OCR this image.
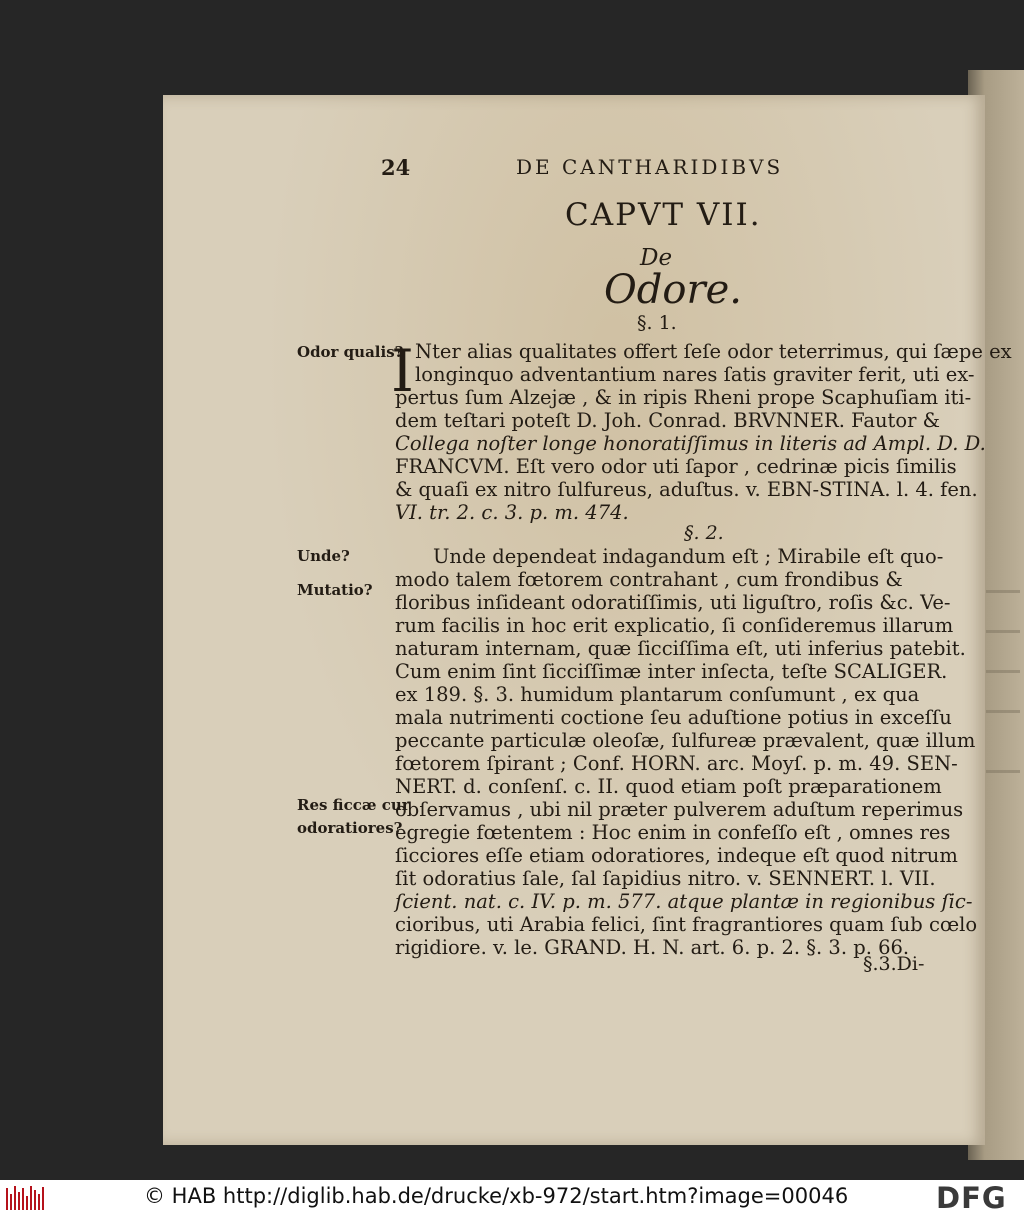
24	DE CANTHARIDIBVS
CAPVT VII.
De
Odore.
§. 1.
§. 2.
Odor qualis?
Unde?
Mutatio?
Res ficcæ cur
odoratiores?
I Nter alias qualitates offert ſeſe odor teterrimus, qui ſæpe ex
longinquo adventantium nares ſatis graviter ferit, uti ex-
pertus ſum Alzejæ , & in ripis Rheni prope Scaphuſiam iti-
dem teſtari poteſt D. Joh. Conrad. BRVNNER. Fautor &
Collega noſter longe honoratiſſimus in literis ad Ampl. D. D.
FRANCVM. Eſt vero odor uti ſapor , cedrinæ picis ſimilis
& quaſi ex nitro ſulfureus, aduſtus. v. EBN-STINA. l. 4. fen.
VI. tr. 2. c. 3. p. m. 474.
Unde dependeat indagandum eſt ; Mirabile eſt quo-
modo talem fœtorem contrahant , cum frondibus &
floribus inſideant odoratiſſimis, uti liguſtro, roſis &c. Ve-
rum facilis in hoc erit explicatio, ſi conſideremus illarum
naturam internam, quæ ſicciſſima eſt, uti inferius patebit.
Cum enim ſint ſicciſſimæ inter inſecta, teſte SCALIGER.
ex 189. §. 3. humidum plantarum conſumunt , ex qua
mala nutrimenti coctione ſeu aduſtione potius in exceſſu
peccante particulæ oleoſæ, ſulfureæ prævalent, quæ illum
fœtorem ſpirant ; Conf. HORN. arc. Moyſ. p. m. 49. SEN-
NERT. d. conſenſ. c. II. quod etiam poſt præparationem
obſervamus , ubi nil præter pulverem aduſtum reperimus
egregie fœtentem : Hoc enim in confeſſo eſt , omnes res
ſicciores eſſe etiam odoratiores, indeque eſt quod nitrum
ſit odoratius ſale, ſal ſapidius nitro. v. SENNERT. l. VII.
ſcient. nat. c. IV. p. m. 577. atque plantæ in regionibus ſic-
cioribus, uti Arabia felici, ſint fragrantiores quam ſub cœlo
rigidiore. v. le. GRAND. H. N. art. 6. p. 2. §. 3. p. 66.
§.3.Di-
© HAB http://diglib.hab.de/drucke/xb-972/start.htm?image=00046	DFG
